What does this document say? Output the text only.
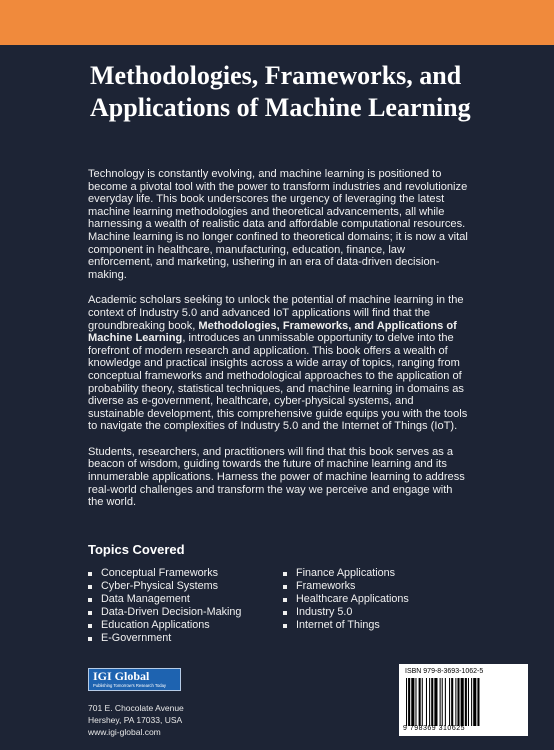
Methodologies, Frameworks, and Applications of Machine Learning

Technology is constantly evolving, and machine learning is positioned to become a pivotal tool with the power to transform industries and revolutionize everyday life. This book underscores the urgency of leveraging the latest machine learning methodologies and theoretical advancements, all while harnessing a wealth of realistic data and affordable computational resources. Machine learning is no longer confined to theoretical domains; it is now a vital component in healthcare, manufacturing, education, finance, law enforcement, and marketing, ushering in an era of data-driven decision-making.

Academic scholars seeking to unlock the potential of machine learning in the context of Industry 5.0 and advanced IoT applications will find that the groundbreaking book, Methodologies, Frameworks, and Applications of Machine Learning, introduces an unmissable opportunity to delve into the forefront of modern research and application. This book offers a wealth of knowledge and practical insights across a wide array of topics, ranging from conceptual frameworks and methodological approaches to the application of probability theory, statistical techniques, and machine learning in domains as diverse as e-government, healthcare, cyber-physical systems, and sustainable development, this comprehensive guide equips you with the tools to navigate the complexities of Industry 5.0 and the Internet of Things (IoT).

Students, researchers, and practitioners will find that this book serves as a beacon of wisdom, guiding towards the future of machine learning and its innumerable applications. Harness the power of machine learning to address real-world challenges and transform the way we perceive and engage with the world.

Topics Covered
Conceptual Frameworks
Cyber-Physical Systems
Data Management
Data-Driven Decision-Making
Education Applications
E-Government
Finance Applications
Frameworks
Healthcare Applications
Industry 5.0
Internet of Things
IGI Global
Publishing Tomorrow's Research Today
701 E. Chocolate Avenue
Hershey, PA 17033, USA
www.igi-global.com
ISBN 979-8-3693-1062-5
9 798369 310625
